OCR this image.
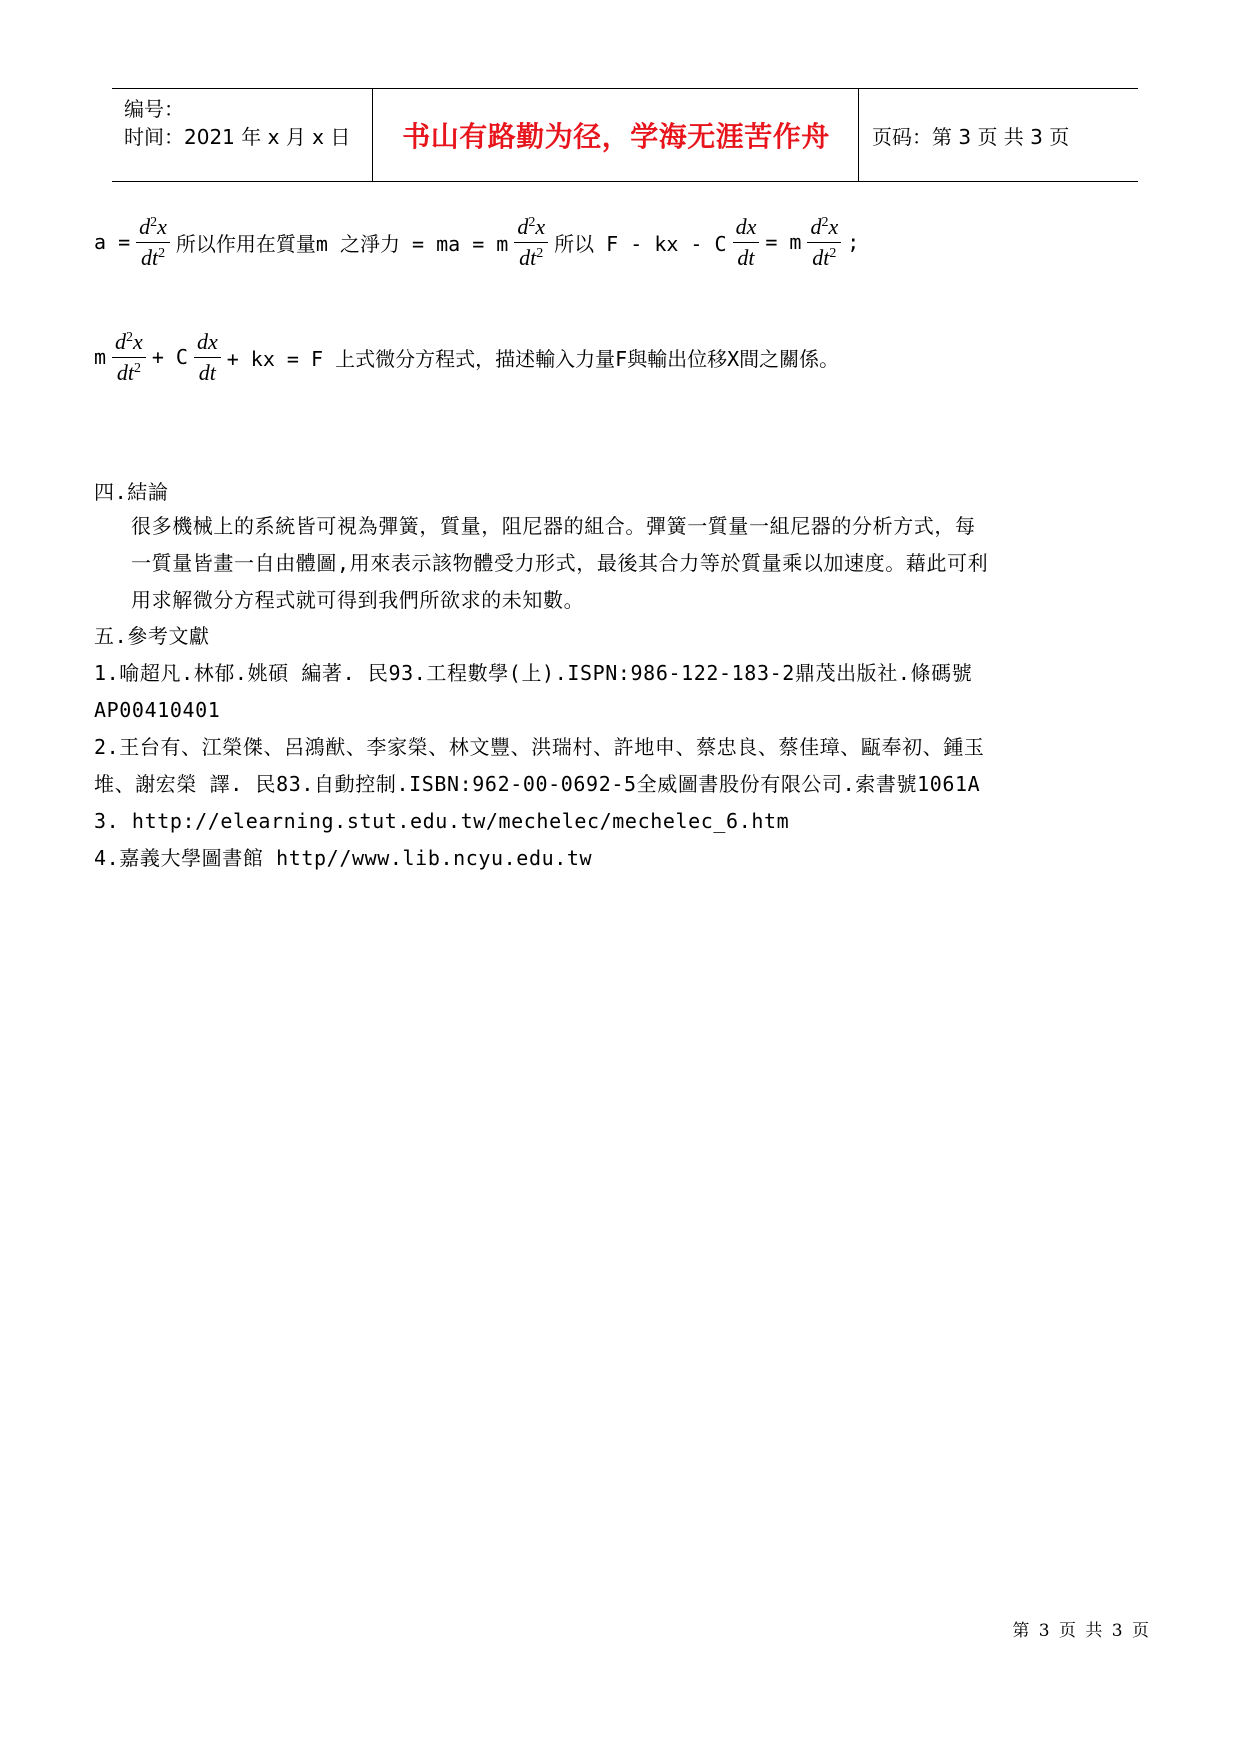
编号：
时间：2021 年 x 月 x 日 书山有路勤为径，学海无涯苦作舟	页码：第 3 页 共 3 页
$a = \frac{d^2x}{dt^2}$ 所以作用在質量m 之淨力 = ma = m $\frac{d^2x}{dt^2}$ 所以 F - kx - C $\frac{dx}{dt} = m \frac{d^2x}{dt^2}$ ;
m $\frac{d^2x}{dt^2} + C \frac{dx}{dt}$ + kx = F 上式微分方程式，描述輸入力量F與輸出位移X間之關係。
四.結論
很多機械上的系統皆可視為彈簧，質量，阻尼器的組合。彈簧一質量一組尼器的分析方式，每
一質量皆畫一自由體圖,用來表示該物體受力形式，最後其合力等於質量乘以加速度。藉此可利
用求解微分方程式就可得到我們所欲求的未知數。
五.參考文獻
1.喻超凡.林郁.姚碩 編著. 民93.工程數學(上).ISPN:986-122-183-2鼎茂出版社.條碼號
AP00410401
2.王台有、江榮傑、呂鴻猷、李家榮、林文豐、洪瑞村、許地申、蔡忠良、蔡佳璋、甌奉初、鍾玉
堆、謝宏榮 譯. 民83.自動控制.ISBN:962-00-0692-5全威圖書股份有限公司.索書號1061A
3. http://elearning.stut.edu.tw/mechelec/mechelec_6.htm
4.嘉義大學圖書館 http//www.lib.ncyu.edu.tw
第 3 页 共 3 页
